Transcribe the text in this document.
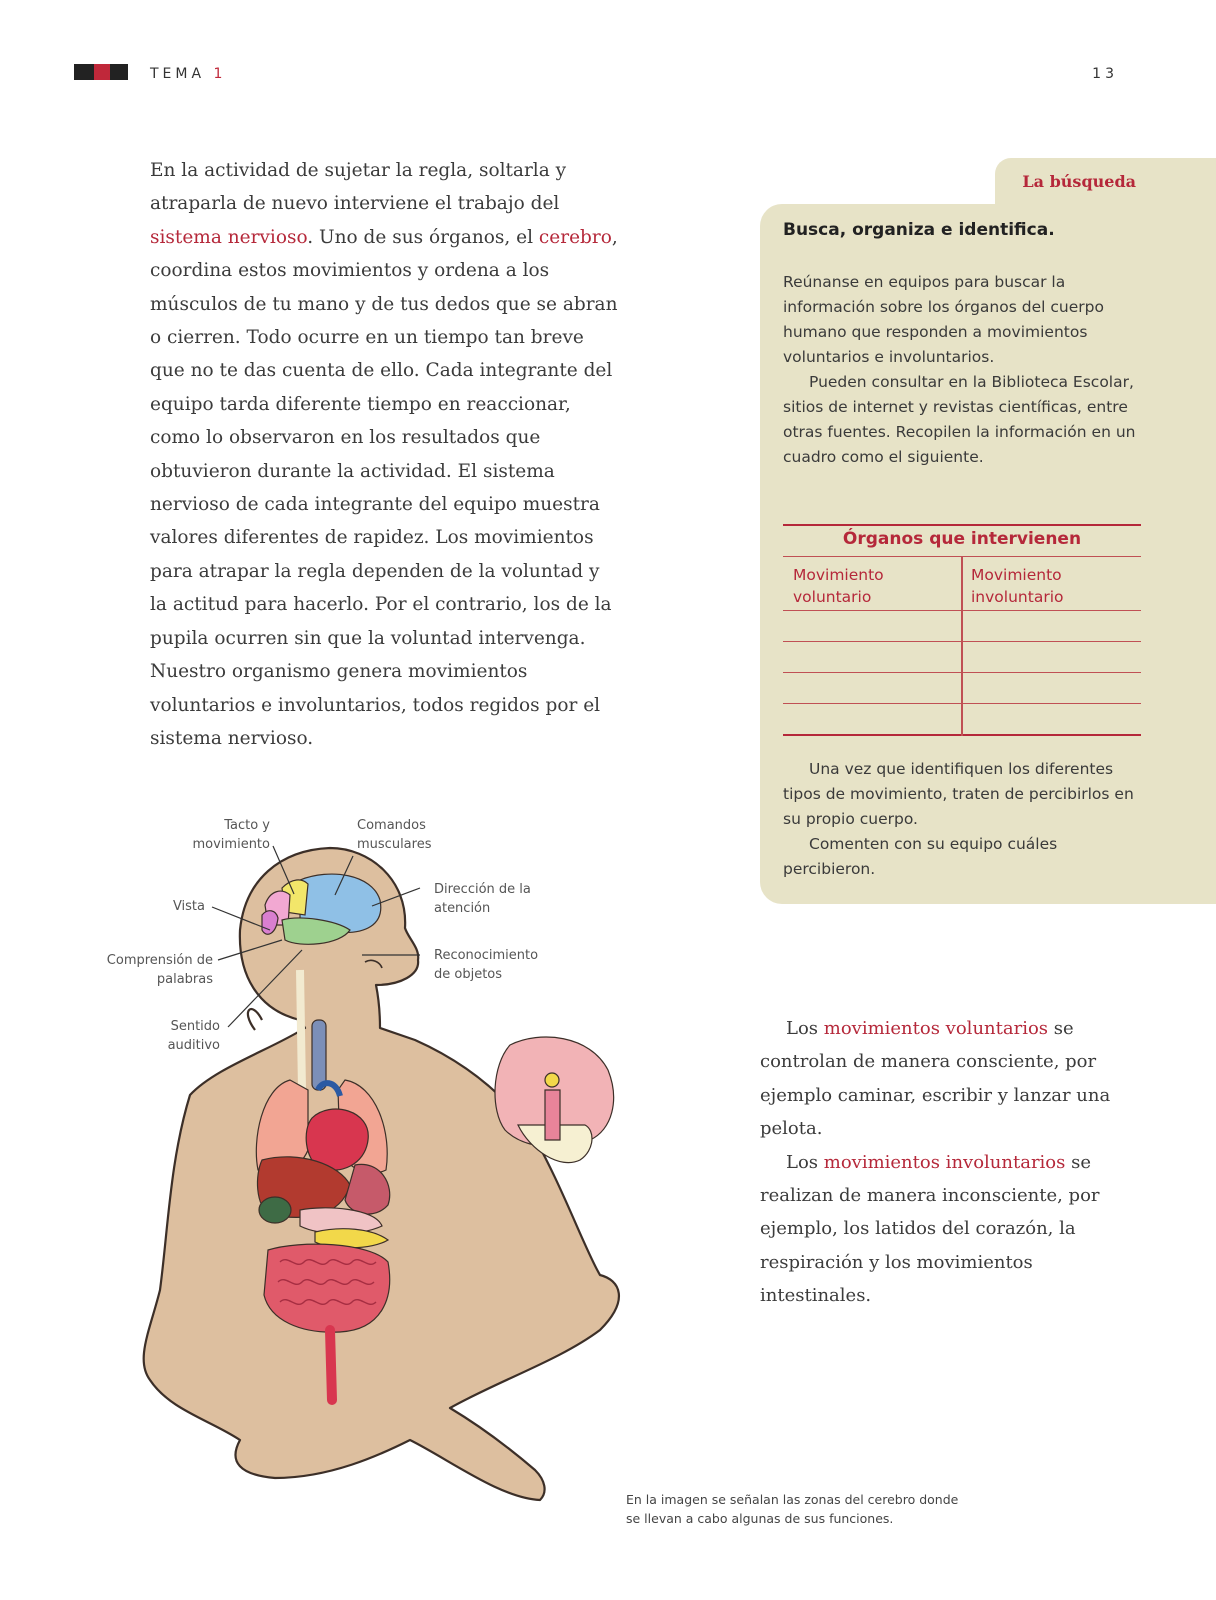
TEMA 1	13
En la actividad de sujetar la regla, soltarla y atraparla de nuevo interviene el trabajo del sistema nervioso. Uno de sus órganos, el cerebro, coordina estos movimientos y ordena a los músculos de tu mano y de tus dedos que se abran o cierren. Todo ocurre en un tiempo tan breve que no te das cuenta de ello. Cada integrante del equipo tarda diferente tiempo en reaccionar, como lo observaron en los resultados que obtuvieron durante la actividad. El sistema nervioso de cada integrante del equipo muestra valores diferentes de rapidez. Los movimientos para atrapar la regla dependen de la voluntad y la actitud para hacerlo. Por el contrario, los de la pupila ocurren sin que la voluntad intervenga. Nuestro organismo genera movimientos voluntarios e involuntarios, todos regidos por el sistema nervioso.
La búsqueda
Busca, organiza e identifica.

Reúnanse en equipos para buscar la información sobre los órganos del cuerpo humano que responden a movimientos voluntarios e involuntarios.

Pueden consultar en la Biblioteca Escolar, sitios de internet y revistas científicas, entre otras fuentes. Recopilen la información en un cuadro como el siguiente.

Órganos que intervienen
Movimiento voluntario
Movimiento involuntario

Una vez que identifiquen los diferentes tipos de movimiento, traten de percibirlos en su propio cuerpo.

Comenten con su equipo cuáles percibieron.

Los movimientos voluntarios se controlan de manera consciente, por ejemplo caminar, escribir y lanzar una pelota.

Los movimientos involuntarios se realizan de manera inconsciente, por ejemplo, los latidos del corazón, la respiración y los movimientos intestinales.

Tacto y movimiento
Comandos musculares
Dirección de la atención
Vista
Comprensión de palabras
Reconocimiento de objetos
Sentido auditivo
En la imagen se señalan las zonas del cerebro donde se llevan a cabo algunas de sus funciones.
